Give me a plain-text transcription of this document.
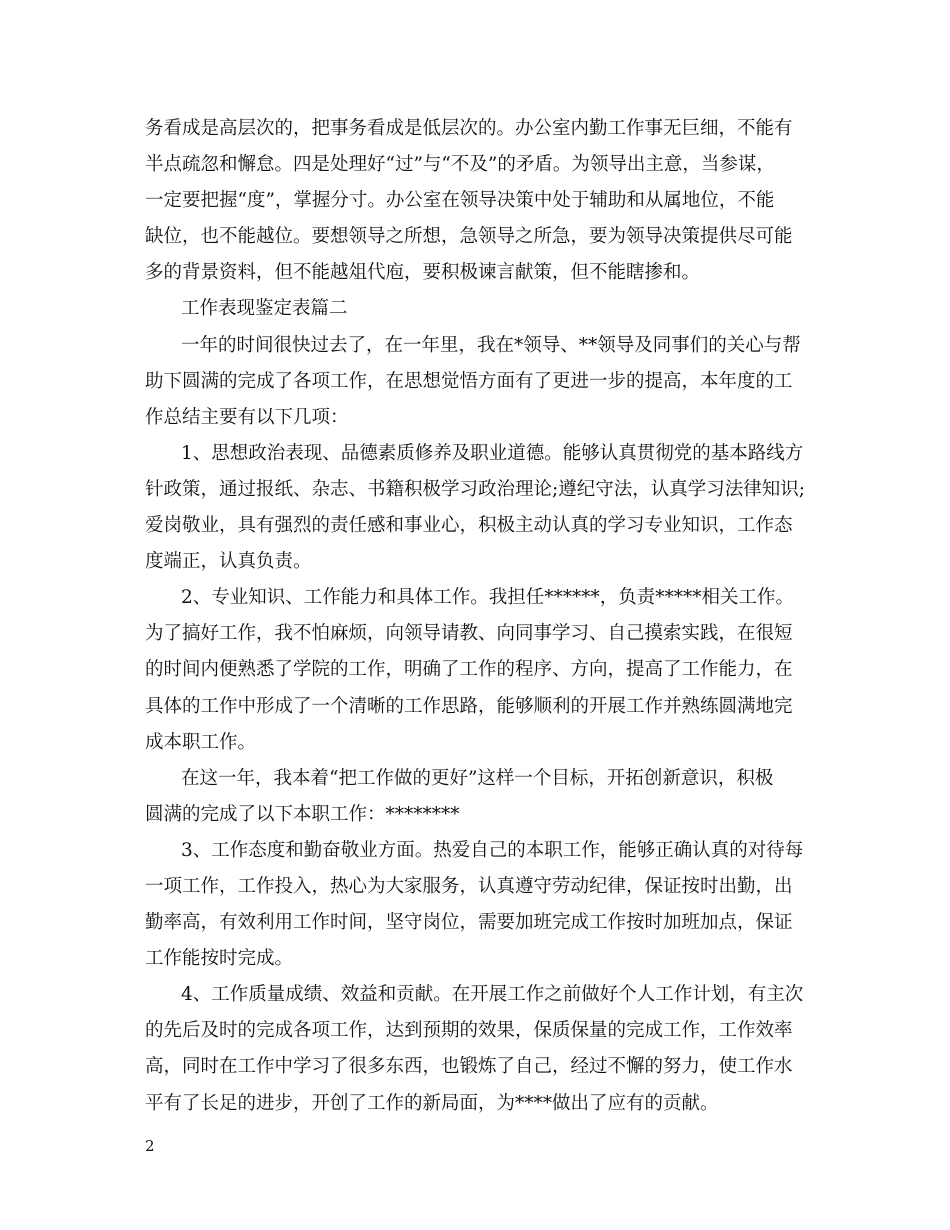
务看成是高层次的，把事务看成是低层次的。办公室内勤工作事无巨细，不能有
半点疏忽和懈怠。四是处理好“过”与“不及”的矛盾。为领导出主意，当参谋，
一定要把握“度”，掌握分寸。办公室在领导决策中处于辅助和从属地位，不能
缺位，也不能越位。要想领导之所想，急领导之所急，要为领导决策提供尽可能
多的背景资料，但不能越俎代庖，要积极谏言献策，但不能瞎掺和。
工作表现鉴定表篇二
一年的时间很快过去了，在一年里，我在*领导、**领导及同事们的关心与帮
助下圆满的完成了各项工作，在思想觉悟方面有了更进一步的提高，本年度的工
作总结主要有以下几项：
1、思想政治表现、品德素质修养及职业道德。能够认真贯彻党的基本路线方
针政策，通过报纸、杂志、书籍积极学习政治理论;遵纪守法，认真学习法律知识;
爱岗敬业，具有强烈的责任感和事业心，积极主动认真的学习专业知识，工作态
度端正，认真负责。
2、专业知识、工作能力和具体工作。我担任******，负责*****相关工作。
为了搞好工作，我不怕麻烦，向领导请教、向同事学习、自己摸索实践，在很短
的时间内便熟悉了学院的工作，明确了工作的程序、方向，提高了工作能力，在
具体的工作中形成了一个清晰的工作思路，能够顺利的开展工作并熟练圆满地完
成本职工作。
在这一年，我本着“把工作做的更好”这样一个目标，开拓创新意识，积极
圆满的完成了以下本职工作：********
3、工作态度和勤奋敬业方面。热爱自己的本职工作，能够正确认真的对待每
一项工作，工作投入，热心为大家服务，认真遵守劳动纪律，保证按时出勤，出
勤率高，有效利用工作时间，坚守岗位，需要加班完成工作按时加班加点，保证
工作能按时完成。
4、工作质量成绩、效益和贡献。在开展工作之前做好个人工作计划，有主次
的先后及时的完成各项工作，达到预期的效果，保质保量的完成工作，工作效率
高，同时在工作中学习了很多东西，也锻炼了自己，经过不懈的努力，使工作水
平有了长足的进步，开创了工作的新局面，为****做出了应有的贡献。
2
